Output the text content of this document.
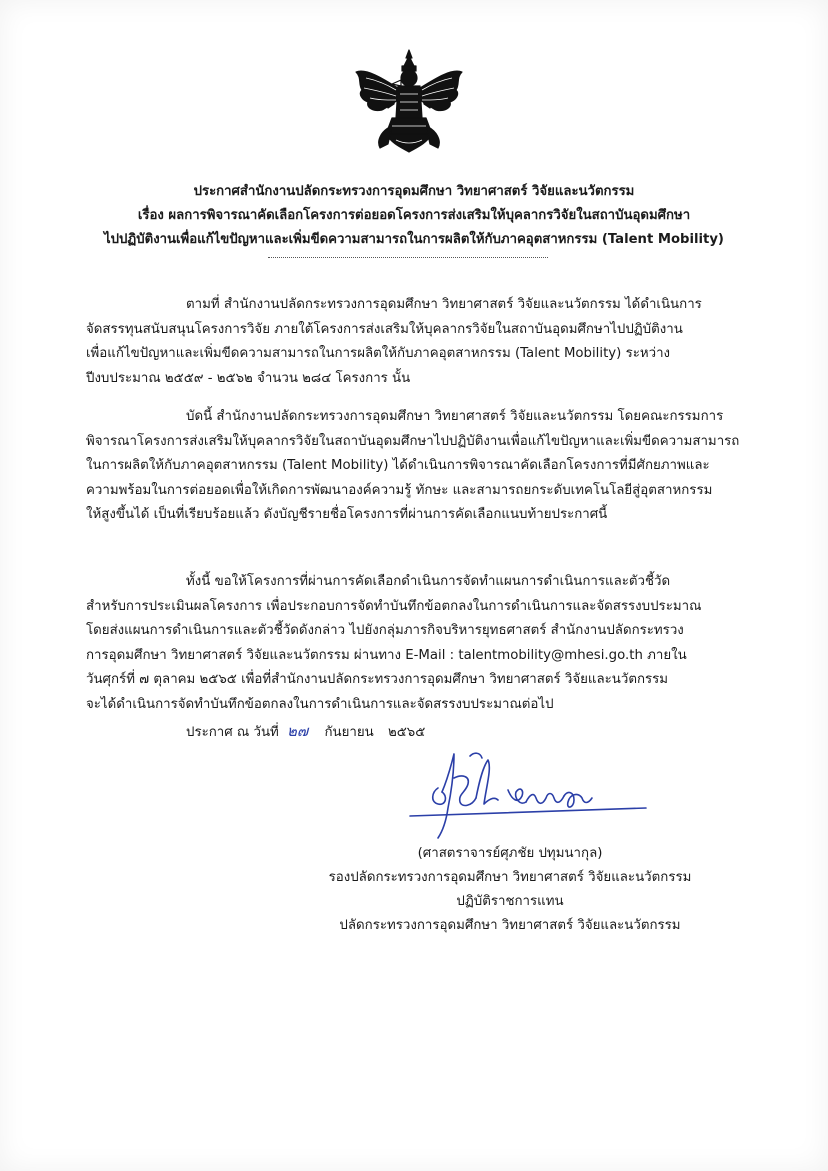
ประกาศสำนักงานปลัดกระทรวงการอุดมศึกษา วิทยาศาสตร์ วิจัยและนวัตกรรม
เรื่อง ผลการพิจารณาคัดเลือกโครงการต่อยอดโครงการส่งเสริมให้บุคลากรวิจัยในสถาบันอุดมศึกษา
ไปปฏิบัติงานเพื่อแก้ไขปัญหาและเพิ่มขีดความสามารถในการผลิตให้กับภาคอุตสาหกรรม (Talent Mobility)
ตามที่ สำนักงานปลัดกระทรวงการอุดมศึกษา วิทยาศาสตร์ วิจัยและนวัตกรรม ได้ดำเนินการ
จัดสรรทุนสนับสนุนโครงการวิจัย ภายใต้โครงการส่งเสริมให้บุคลากรวิจัยในสถาบันอุดมศึกษาไปปฏิบัติงาน
เพื่อแก้ไขปัญหาและเพิ่มขีดความสามารถในการผลิตให้กับภาคอุตสาหกรรม (Talent Mobility) ระหว่าง
ปีงบประมาณ ๒๕๕๙ - ๒๕๖๒ จำนวน ๒๘๔ โครงการ นั้น
บัดนี้ สำนักงานปลัดกระทรวงการอุดมศึกษา วิทยาศาสตร์ วิจัยและนวัตกรรม โดยคณะกรรมการ
พิจารณาโครงการส่งเสริมให้บุคลากรวิจัยในสถาบันอุดมศึกษาไปปฏิบัติงานเพื่อแก้ไขปัญหาและเพิ่มขีดความสามารถ
ในการผลิตให้กับภาคอุตสาหกรรม (Talent Mobility) ได้ดำเนินการพิจารณาคัดเลือกโครงการที่มีศักยภาพและ
ความพร้อมในการต่อยอดเพื่อให้เกิดการพัฒนาองค์ความรู้ ทักษะ และสามารถยกระดับเทคโนโลยีสู่อุตสาหกรรม
ให้สูงขึ้นได้ เป็นที่เรียบร้อยแล้ว ดังบัญชีรายชื่อโครงการที่ผ่านการคัดเลือกแนบท้ายประกาศนี้
ทั้งนี้ ขอให้โครงการที่ผ่านการคัดเลือกดำเนินการจัดทำแผนการดำเนินการและตัวชี้วัด
สำหรับการประเมินผลโครงการ เพื่อประกอบการจัดทำบันทึกข้อตกลงในการดำเนินการและจัดสรรงบประมาณ
โดยส่งแผนการดำเนินการและตัวชี้วัดดังกล่าว ไปยังกลุ่มภารกิจบริหารยุทธศาสตร์ สำนักงานปลัดกระทรวง
การอุดมศึกษา วิทยาศาสตร์ วิจัยและนวัตกรรม ผ่านทาง E-Mail : talentmobility@mhesi.go.th ภายใน
วันศุกร์ที่ ๗ ตุลาคม ๒๕๖๕ เพื่อที่สำนักงานปลัดกระทรวงการอุดมศึกษา วิทยาศาสตร์ วิจัยและนวัตกรรม
จะได้ดำเนินการจัดทำบันทึกข้อตกลงในการดำเนินการและจัดสรรงบประมาณต่อไป
ประกาศ ณ วันที่ ๒๗ กันยายน ๒๕๖๕
(ศาสตราจารย์ศุภชัย ปทุมนากุล)
รองปลัดกระทรวงการอุดมศึกษา วิทยาศาสตร์ วิจัยและนวัตกรรม
ปฏิบัติราชการแทน
ปลัดกระทรวงการอุดมศึกษา วิทยาศาสตร์ วิจัยและนวัตกรรม
